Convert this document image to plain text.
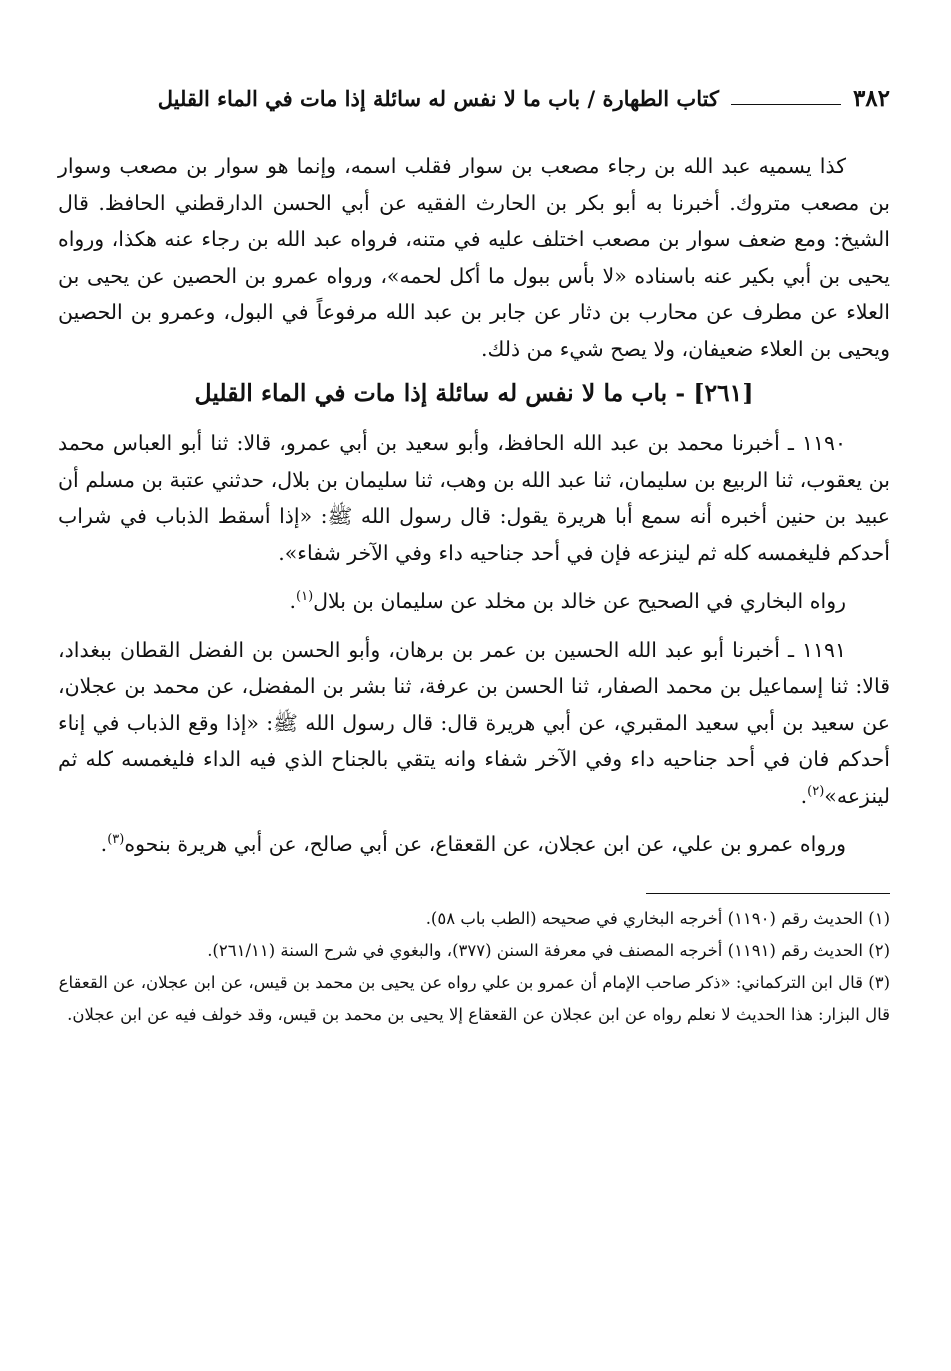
٣٨٢
كتاب الطهارة / باب ما لا نفس له سائلة إذا مات في الماء القليل

كذا يسميه عبد الله بن رجاء مصعب بن سوار فقلب اسمه، وإنما هو سوار بن مصعب وسوار بن مصعب متروك. أخبرنا به أبو بكر بن الحارث الفقيه عن أبي الحسن الدارقطني الحافظ. قال الشيخ: ومع ضعف سوار بن مصعب اختلف عليه في متنه، فرواه عبد الله بن رجاء عنه هكذا، ورواه يحيى بن أبي بكير عنه باسناده «لا بأس ببول ما أكل لحمه»، ورواه عمرو بن الحصين عن يحيى بن العلاء عن مطرف عن محارب بن دثار عن جابر بن عبد الله مرفوعاً في البول، وعمرو بن الحصين ويحيى بن العلاء ضعيفان، ولا يصح شيء من ذلك.

[٢٦١] - باب ما لا نفس له سائلة إذا مات في الماء القليل

١١٩٠ ـ أخبرنا محمد بن عبد الله الحافظ، وأبو سعيد بن أبي عمرو، قالا: ثنا أبو العباس محمد بن يعقوب، ثنا الربيع بن سليمان، ثنا عبد الله بن وهب، ثنا سليمان بن بلال، حدثني عتبة بن مسلم أن عبيد بن حنين أخبره أنه سمع أبا هريرة يقول: قال رسول الله ﷺ: «إذا أسقط الذباب في شراب أحدكم فليغمسه كله ثم لينزعه فإن في أحد جناحيه داء وفي الآخر شفاء».

رواه البخاري في الصحيح عن خالد بن مخلد عن سليمان بن بلال$^{(١)}$.

١١٩١ ـ أخبرنا أبو عبد الله الحسين بن عمر بن برهان، وأبو الحسن بن الفضل القطان ببغداد، قالا: ثنا إسماعيل بن محمد الصفار، ثنا الحسن بن عرفة، ثنا بشر بن المفضل، عن محمد بن عجلان، عن سعيد بن أبي سعيد المقبري، عن أبي هريرة قال: قال رسول الله ﷺ: «إذا وقع الذباب في إناء أحدكم فان في أحد جناحيه داء وفي الآخر شفاء وانه يتقي بالجناح الذي فيه الداء فليغمسه كله ثم لينزعه»$^{(٢)}$.

ورواه عمرو بن علي، عن ابن عجلان، عن القعقاع، عن أبي صالح، عن أبي هريرة بنحوه$^{(٣)}$.

(١) الحديث رقم (١١٩٠) أخرجه البخاري في صحيحه (الطب باب ٥٨).

(٢) الحديث رقم (١١٩١) أخرجه المصنف في معرفة السنن (٣٧٧)، والبغوي في شرح السنة (٢٦١/١١).

(٣) قال ابن التركماني: «ذكر صاحب الإمام أن عمرو بن علي رواه عن يحيى بن محمد بن قيس، عن ابن عجلان، عن القعقاع

قال البزار: هذا الحديث لا نعلم رواه عن ابن عجلان عن القعقاع إلا يحيى بن محمد بن قيس، وقد خولف فيه عن ابن عجلان.
